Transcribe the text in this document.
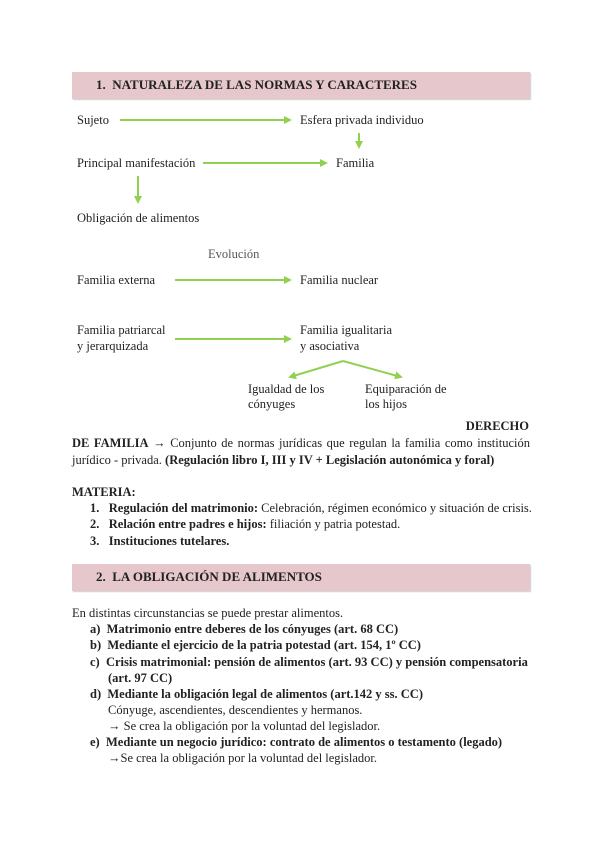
1. NATURALEZA DE LAS NORMAS Y CARACTERES
Sujeto	Esfera privada individuo
Principal manifestación	Familia
Obligación de alimentos
Evolución
Familia externa	Familia nuclear
Familia patriarcal
y jerarquizada
Familia igualitaria
y asociativa
Igualdad de los
cónyuges
Equiparación de
los hijos
DERECHO
DE FAMILIA → Conjunto de normas jurídicas que regulan la familia como institución jurídico - privada. (Regulación libro I, III y IV + Legislación autonómica y foral)
MATERIA:
1. Regulación del matrimonio: Celebración, régimen económico y situación de crisis.
2. Relación entre padres e hijos: filiación y patria potestad.
3. Instituciones tutelares.
2. LA OBLIGACIÓN DE ALIMENTOS
En distintas circunstancias se puede prestar alimentos.
a) Matrimonio entre deberes de los cónyuges (art. 68 CC)
b) Mediante el ejercicio de la patria potestad (art. 154, 1º CC)
c) Crisis matrimonial: pensión de alimentos (art. 93 CC) y pensión compensatoria
(art. 97 CC)
d) Mediante la obligación legal de alimentos (art.142 y ss. CC)
Cónyuge, ascendientes, descendientes y hermanos.
→ Se crea la obligación por la voluntad del legislador.
e) Mediante un negocio jurídico: contrato de alimentos o testamento (legado)
→Se crea la obligación por la voluntad del legislador.
